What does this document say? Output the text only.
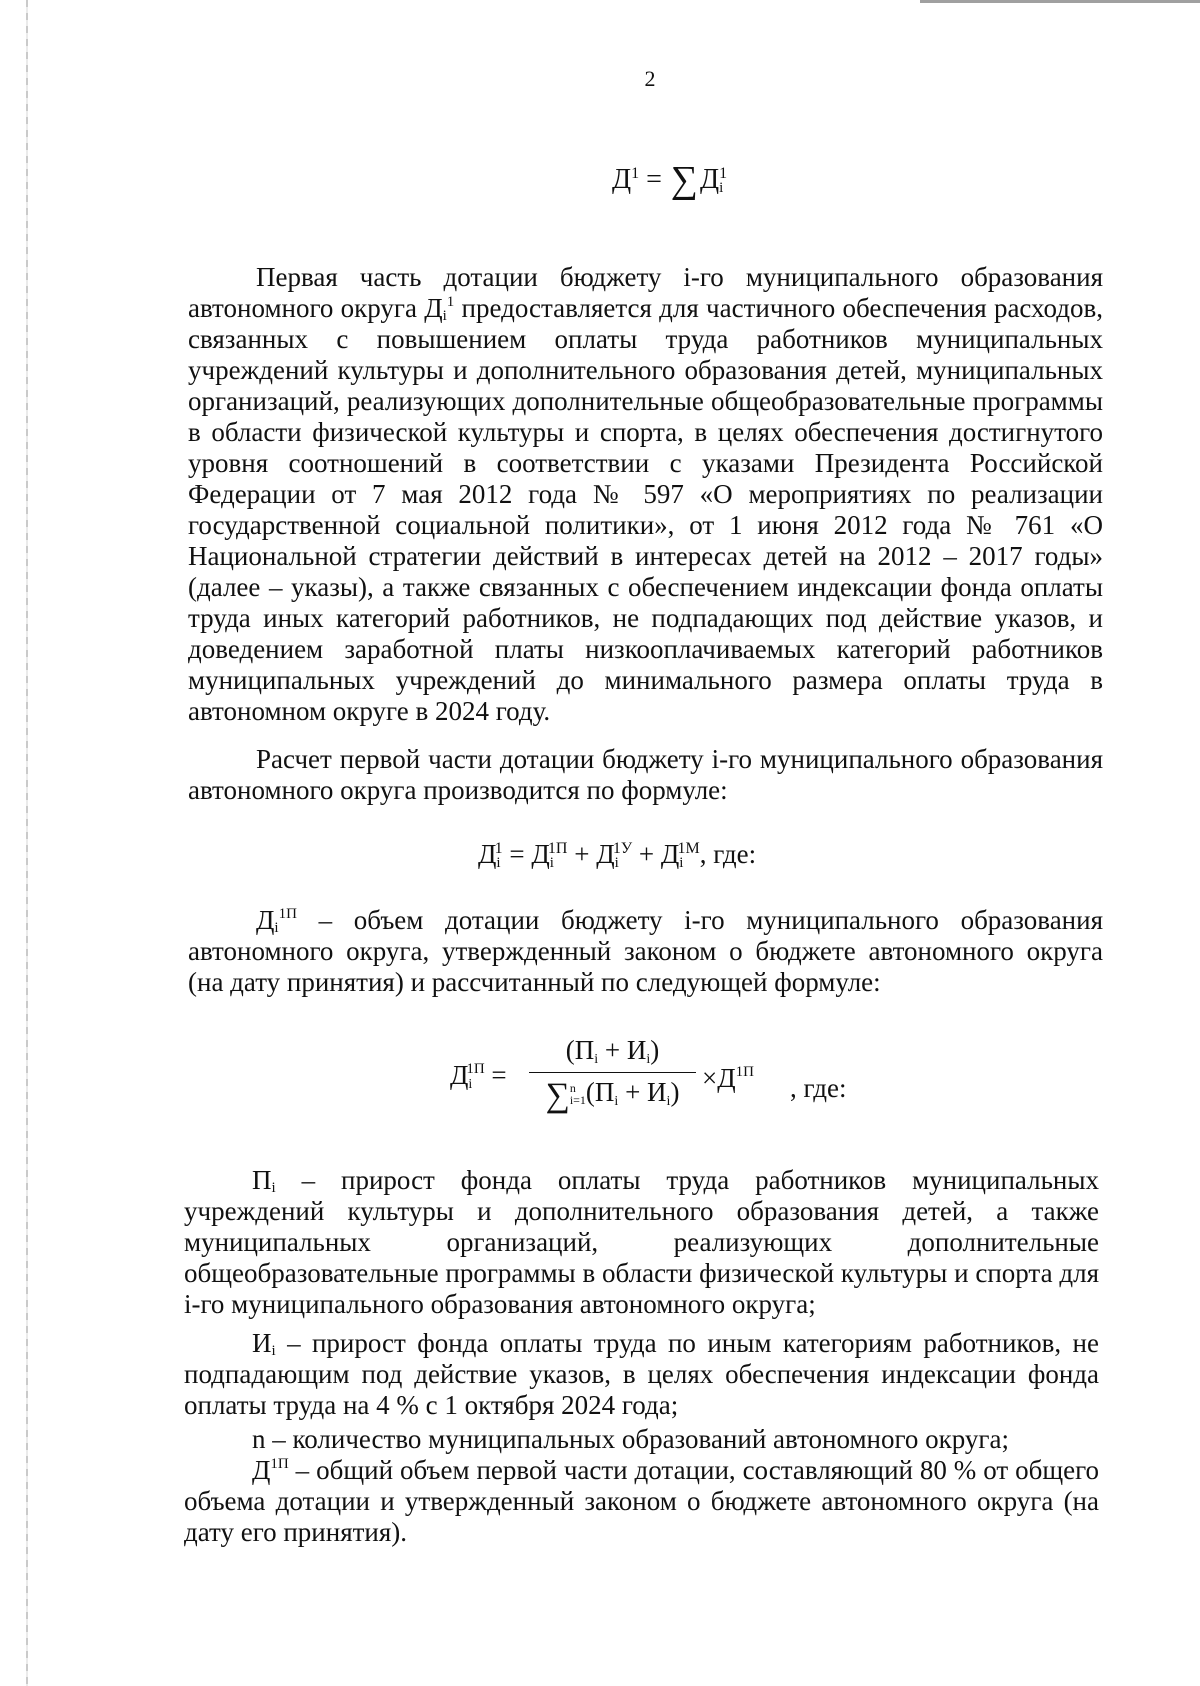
2
$Д^1 = \sum Д^1_i$
Первая часть дотации бюджету i-го муниципального образования автономного округа $Д_i^1$ предоставляется для частичного обеспечения расходов, связанных с повышением оплаты труда работников муниципальных учреждений культуры и дополнительного образования детей, муниципальных организаций, реализующих дополнительные общеобразовательные программы в области физической культуры и спорта, в целях обеспечения достигнутого уровня соотношений в соответствии с указами Президента Российской Федерации от 7 мая 2012 года № 597 «О мероприятиях по реализации государственной социальной политики», от 1 июня 2012 года № 761 «О Национальной стратегии действий в интересах детей на 2012 – 2017 годы» (далее – указы), а также связанных с обеспечением индексации фонда оплаты труда иных категорий работников, не подпадающих под действие указов, и доведением заработной платы низкооплачиваемых категорий работников муниципальных учреждений до минимального размера оплаты труда в автономном округе в 2024 году.
Расчет первой части дотации бюджету i-го муниципального образования автономного округа производится по формуле:
$Д_i^1 = Д_i^{1П} + Д_i^{1У} + Д_i^{1М}$, где:
$Д_i^{1П}$ – объем дотации бюджету i-го муниципального образования автономного округа, утвержденный законом о бюджете автономного округа (на дату принятия) и рассчитанный по следующей формуле:
$Д_i^{1П}$ =
$(П_i + И_i)$
∑n
$i=1(П_i + И_i) \times Д^{1П}$
, где:
$П_i$ – прирост фонда оплаты труда работников муниципальных учреждений культуры и дополнительного образования детей, а также муниципальных организаций, реализующих дополнительные общеобразовательные программы в области физической культуры и спорта для i-го муниципального образования автономного округа;
$И_i$ – прирост фонда оплаты труда по иным категориям работников, не подпадающим под действие указов, в целях обеспечения индексации фонда оплаты труда на 4 % с 1 октября 2024 года;
n – количество муниципальных образований автономного округа;
$Д^{1П}$ – общий объем первой части дотации, составляющий 80 % от общего объема дотации и утвержденный законом о бюджете автономного округа (на дату его принятия).
